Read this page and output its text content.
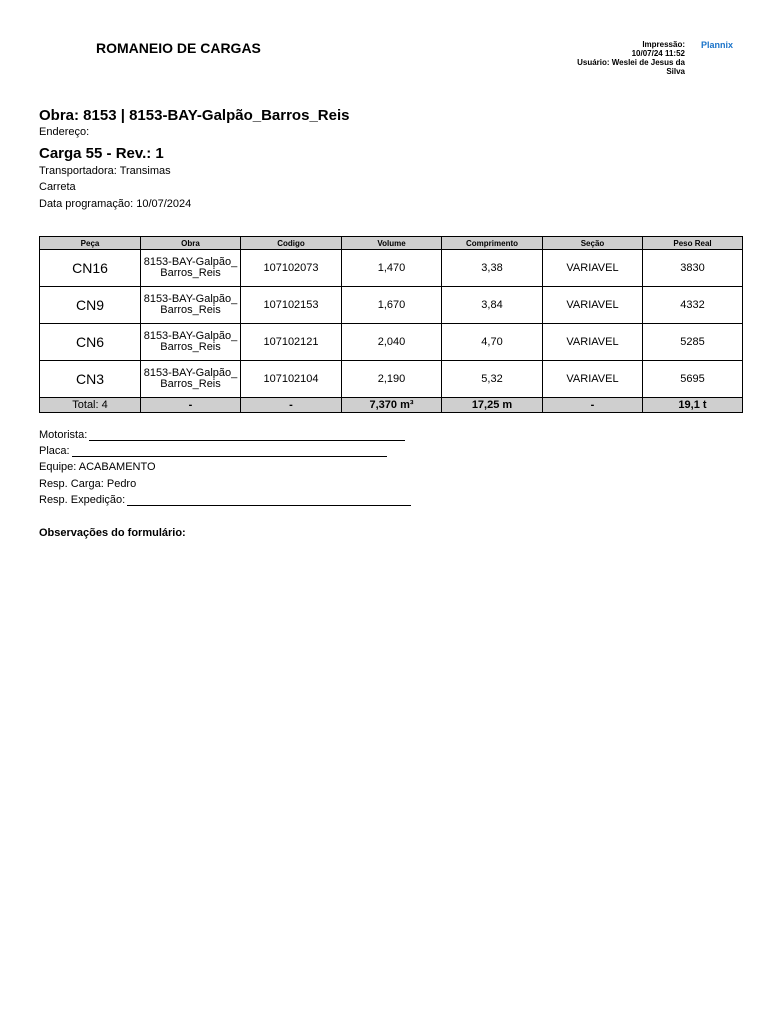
ROMANEIO DE CARGAS	Impressão:
10/07/24 11:52
Usuário: Weslei de Jesus da
Silva
Plannix
Obra: 8153 | 8153-BAY-Galpão_Barros_Reis
Endereço:
Carga 55 - Rev.: 1
Transportadora: Transimas
Carreta
Data programação: 10/07/2024
Peça	Obra	Codigo	Volume	Comprimento	Seção	Peso Real
CN16	8153-BAY-Galpão_Barros_Reis	107102073	1,470	3,38	VARIAVEL	3830
CN9	8153-BAY-Galpão_Barros_Reis	107102153	1,670	3,84	VARIAVEL	4332
CN6	8153-BAY-Galpão_Barros_Reis	107102121	2,040	4,70	VARIAVEL	5285
CN3	8153-BAY-Galpão_Barros_Reis	107102104	2,190	5,32	VARIAVEL	5695
Total: 4	-	-	7,370 m³	17,25 m	-	19,1 t
Motorista:
Placa:
Equipe: ACABAMENTO
Resp. Carga: Pedro
Resp. Expedição:
Observações do formulário:
